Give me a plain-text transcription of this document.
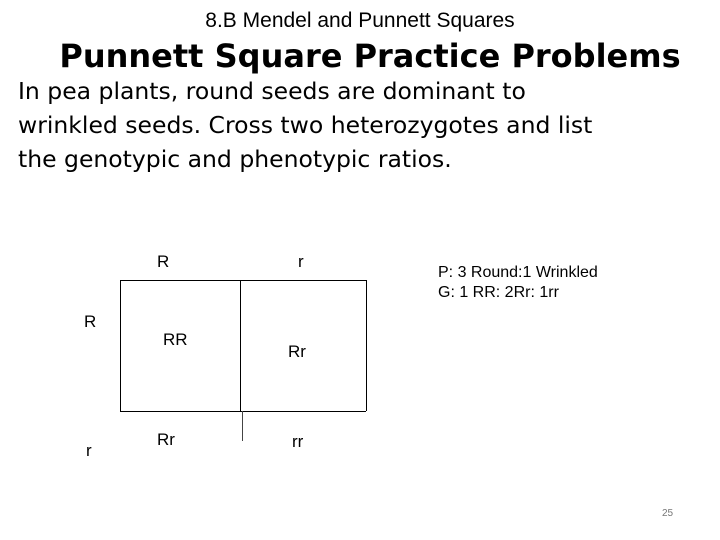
8.B Mendel and Punnett Squares
Punnett Square Practice Problems
In pea plants, round seeds are dominant to
wrinkled seeds. Cross two heterozygotes and list
the genotypic and phenotypic ratios.
R	r
R
r
RR
Rr
Rr	rr
P: 3 Round:1 Wrinkled
G: 1 RR: 2Rr: 1rr
25
